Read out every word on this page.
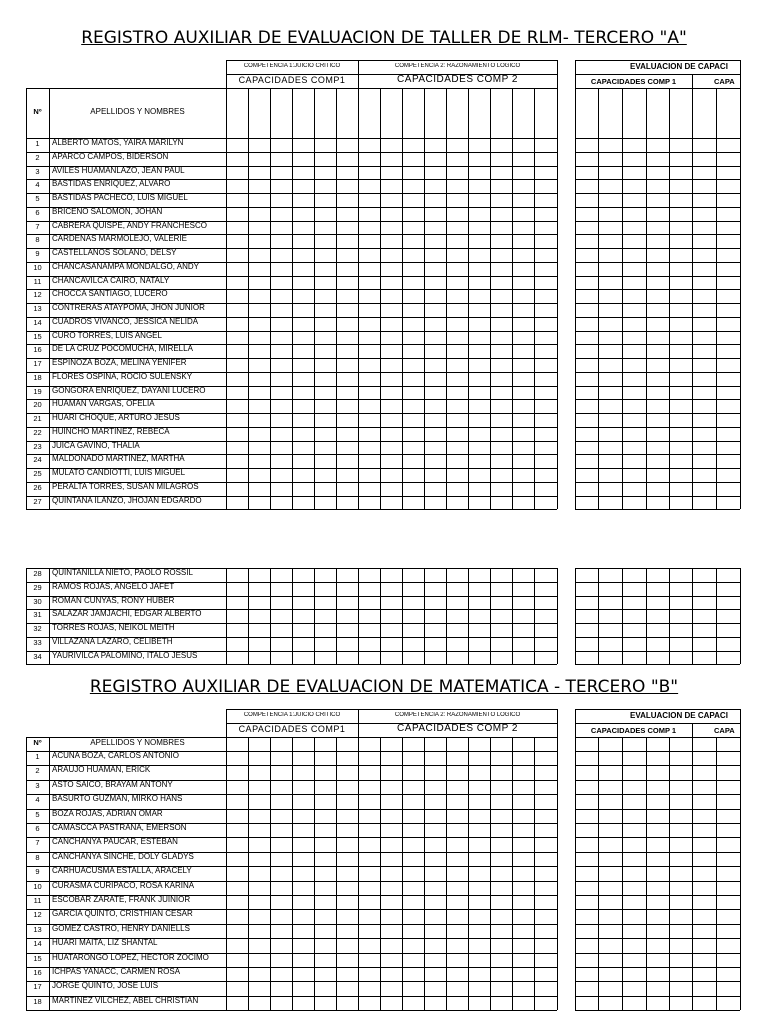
REGISTRO AUXILIAR DE EVALUACION DE TALLER DE RLM- TERCERO "A"
COMPETENCIA 1:JUICIO CRITICO	COMPETENCIA 2: RAZONAMIENTO LOGICO
CAPACIDADES COMP1	CAPACIDADES COMP 2
EVALUACION DE CAPACI
CAPACIDADES COMP 1	CAPA
Nº	APELLIDOS Y NOMBRES
1	ALBERTO MATOS, YAIRA MARILYN
2	APARCO CAMPOS, BIDERSON
3	AVILES HUAMANLAZO, JEAN PAUL
4	BASTIDAS ENRIQUEZ, ALVARO
5	BASTIDAS PACHECO, LUIS MIGUEL
6	BRICEÑO SALOMON, JOHAN
7	CABRERA QUISPE, ANDY FRANCHESCO
8	CARDENAS MARMOLEJO, VALERIE
9	CASTELLANOS SOLANO, DELSY
10	CHANCASANAMPA MONDALGO, ANDY
11	CHANCAVILCA CAIRO, NATALY
12	CHOCCA SANTIAGO, LUCERO
13	CONTRERAS ATAYPOMA, JHON JUNIOR
14	CUADROS VIVANCO, JESSICA NELIDA
15	CURO TORRES, LUIS ANGEL
16	DE LA CRUZ POCOMUCHA, MIRELLA
17	ESPINOZA BOZA, MELINA YENIFER
18	FLORES OSPINA, ROCIO SULENSKY
19	GONGORA ENRIQUEZ, DAYANI LUCERO
20	HUAMAN VARGAS, OFELIA
21	HUARI CHOQUE, ARTURO JESUS
22	HUINCHO MARTINEZ, REBECA
23	JUICA GAVINO, THALIA
24	MALDONADO MARTINEZ, MARTHA
25	MULATO CANDIOTTI, LUIS MIGUEL
26	PERALTA TORRES, SUSAN MILAGROS
27	QUINTANA ILANZO, JHOJAN EDGARDO
28	QUINTANILLA NIETO, PAOLO ROSSIL
29	RAMOS ROJAS, ANGELO JAFET
30	ROMAN CUNYAS, RONY HUBER
31	SALAZAR JAMJACHI, EDGAR ALBERTO
32	TORRES ROJAS, NEIKOL MEITH
33	VILLAZANA LAZARO, CELIBETH
34	YAURIVILCA PALOMINO, ITALO JESUS
REGISTRO AUXILIAR DE EVALUACION DE MATEMATICA - TERCERO "B"
COMPETENCIA 1:JUICIO CRITICO	COMPETENCIA 2: RAZONAMIENTO LOGICO
CAPACIDADES COMP1	CAPACIDADES COMP 2
EVALUACION DE CAPACI
CAPACIDADES COMP 1	CAPA
Nº	APELLIDOS Y NOMBRES
1	ACUÑA BOZA, CARLOS ANTONIO
2	ARAUJO HUAMAN, ERICK
3	ASTO SAICO, BRAYAM ANTONY
4	BASURTO GUZMAN, MIRKO HANS
5	BOZA ROJAS, ADRIAN OMAR
6	CAMASCCA PASTRANA, EMERSON
7	CANCHANYA PAUCAR, ESTEBAN
8	CANCHANYA SINCHE, DOLY GLADYS
9	CARHUACUSMA ESTALLA, ARACELY
10	CURASMA CURIPACO, ROSA KARINA
11	ESCOBAR ZARATE, FRANK JUINIOR
12	GARCIA QUINTO, CRISTHIAN CESAR
13	GOMEZ CASTRO, HENRY DANIELLS
14	HUARI MAITA, LIZ SHANTAL
15	HUATARONGO LOPEZ, HECTOR ZOCIMO
16	ICHPAS YAÑACC, CARMEN ROSA
17	JORGE QUINTO, JOSE LUIS
18	MARTINEZ VILCHEZ, ABEL CHRISTIAN
